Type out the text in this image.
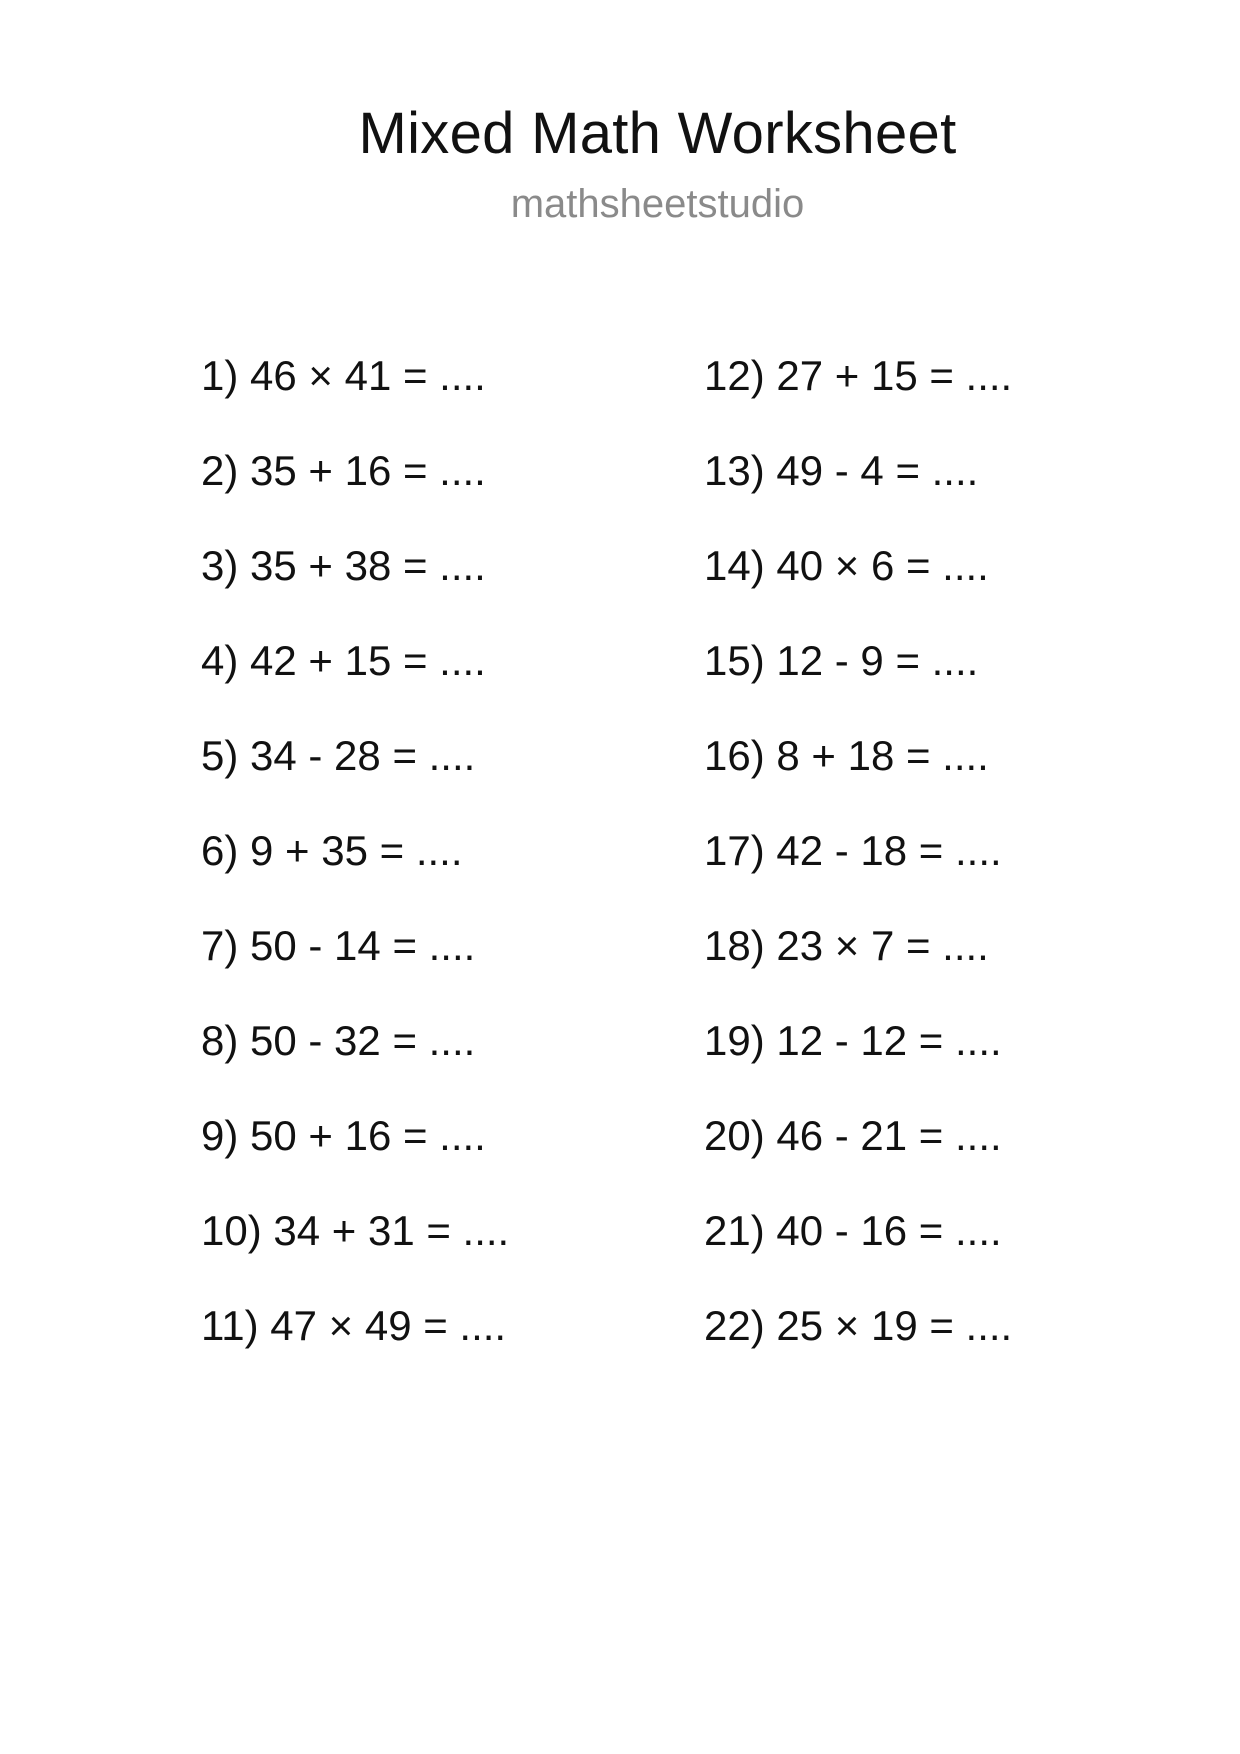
Mixed Math Worksheet
mathsheetstudio
1) 46 × 41 = ....
2) 35 + 16 = ....
3) 35 + 38 = ....
4) 42 + 15 = ....
5) 34 - 28 = ....
6) 9 + 35 = ....
7) 50 - 14 = ....
8) 50 - 32 = ....
9) 50 + 16 = ....
10) 34 + 31 = ....
11) 47 × 49 = ....
12) 27 + 15 = ....
13) 49 - 4 = ....
14) 40 × 6 = ....
15) 12 - 9 = ....
16) 8 + 18 = ....
17) 42 - 18 = ....
18) 23 × 7 = ....
19) 12 - 12 = ....
20) 46 - 21 = ....
21) 40 - 16 = ....
22) 25 × 19 = ....
